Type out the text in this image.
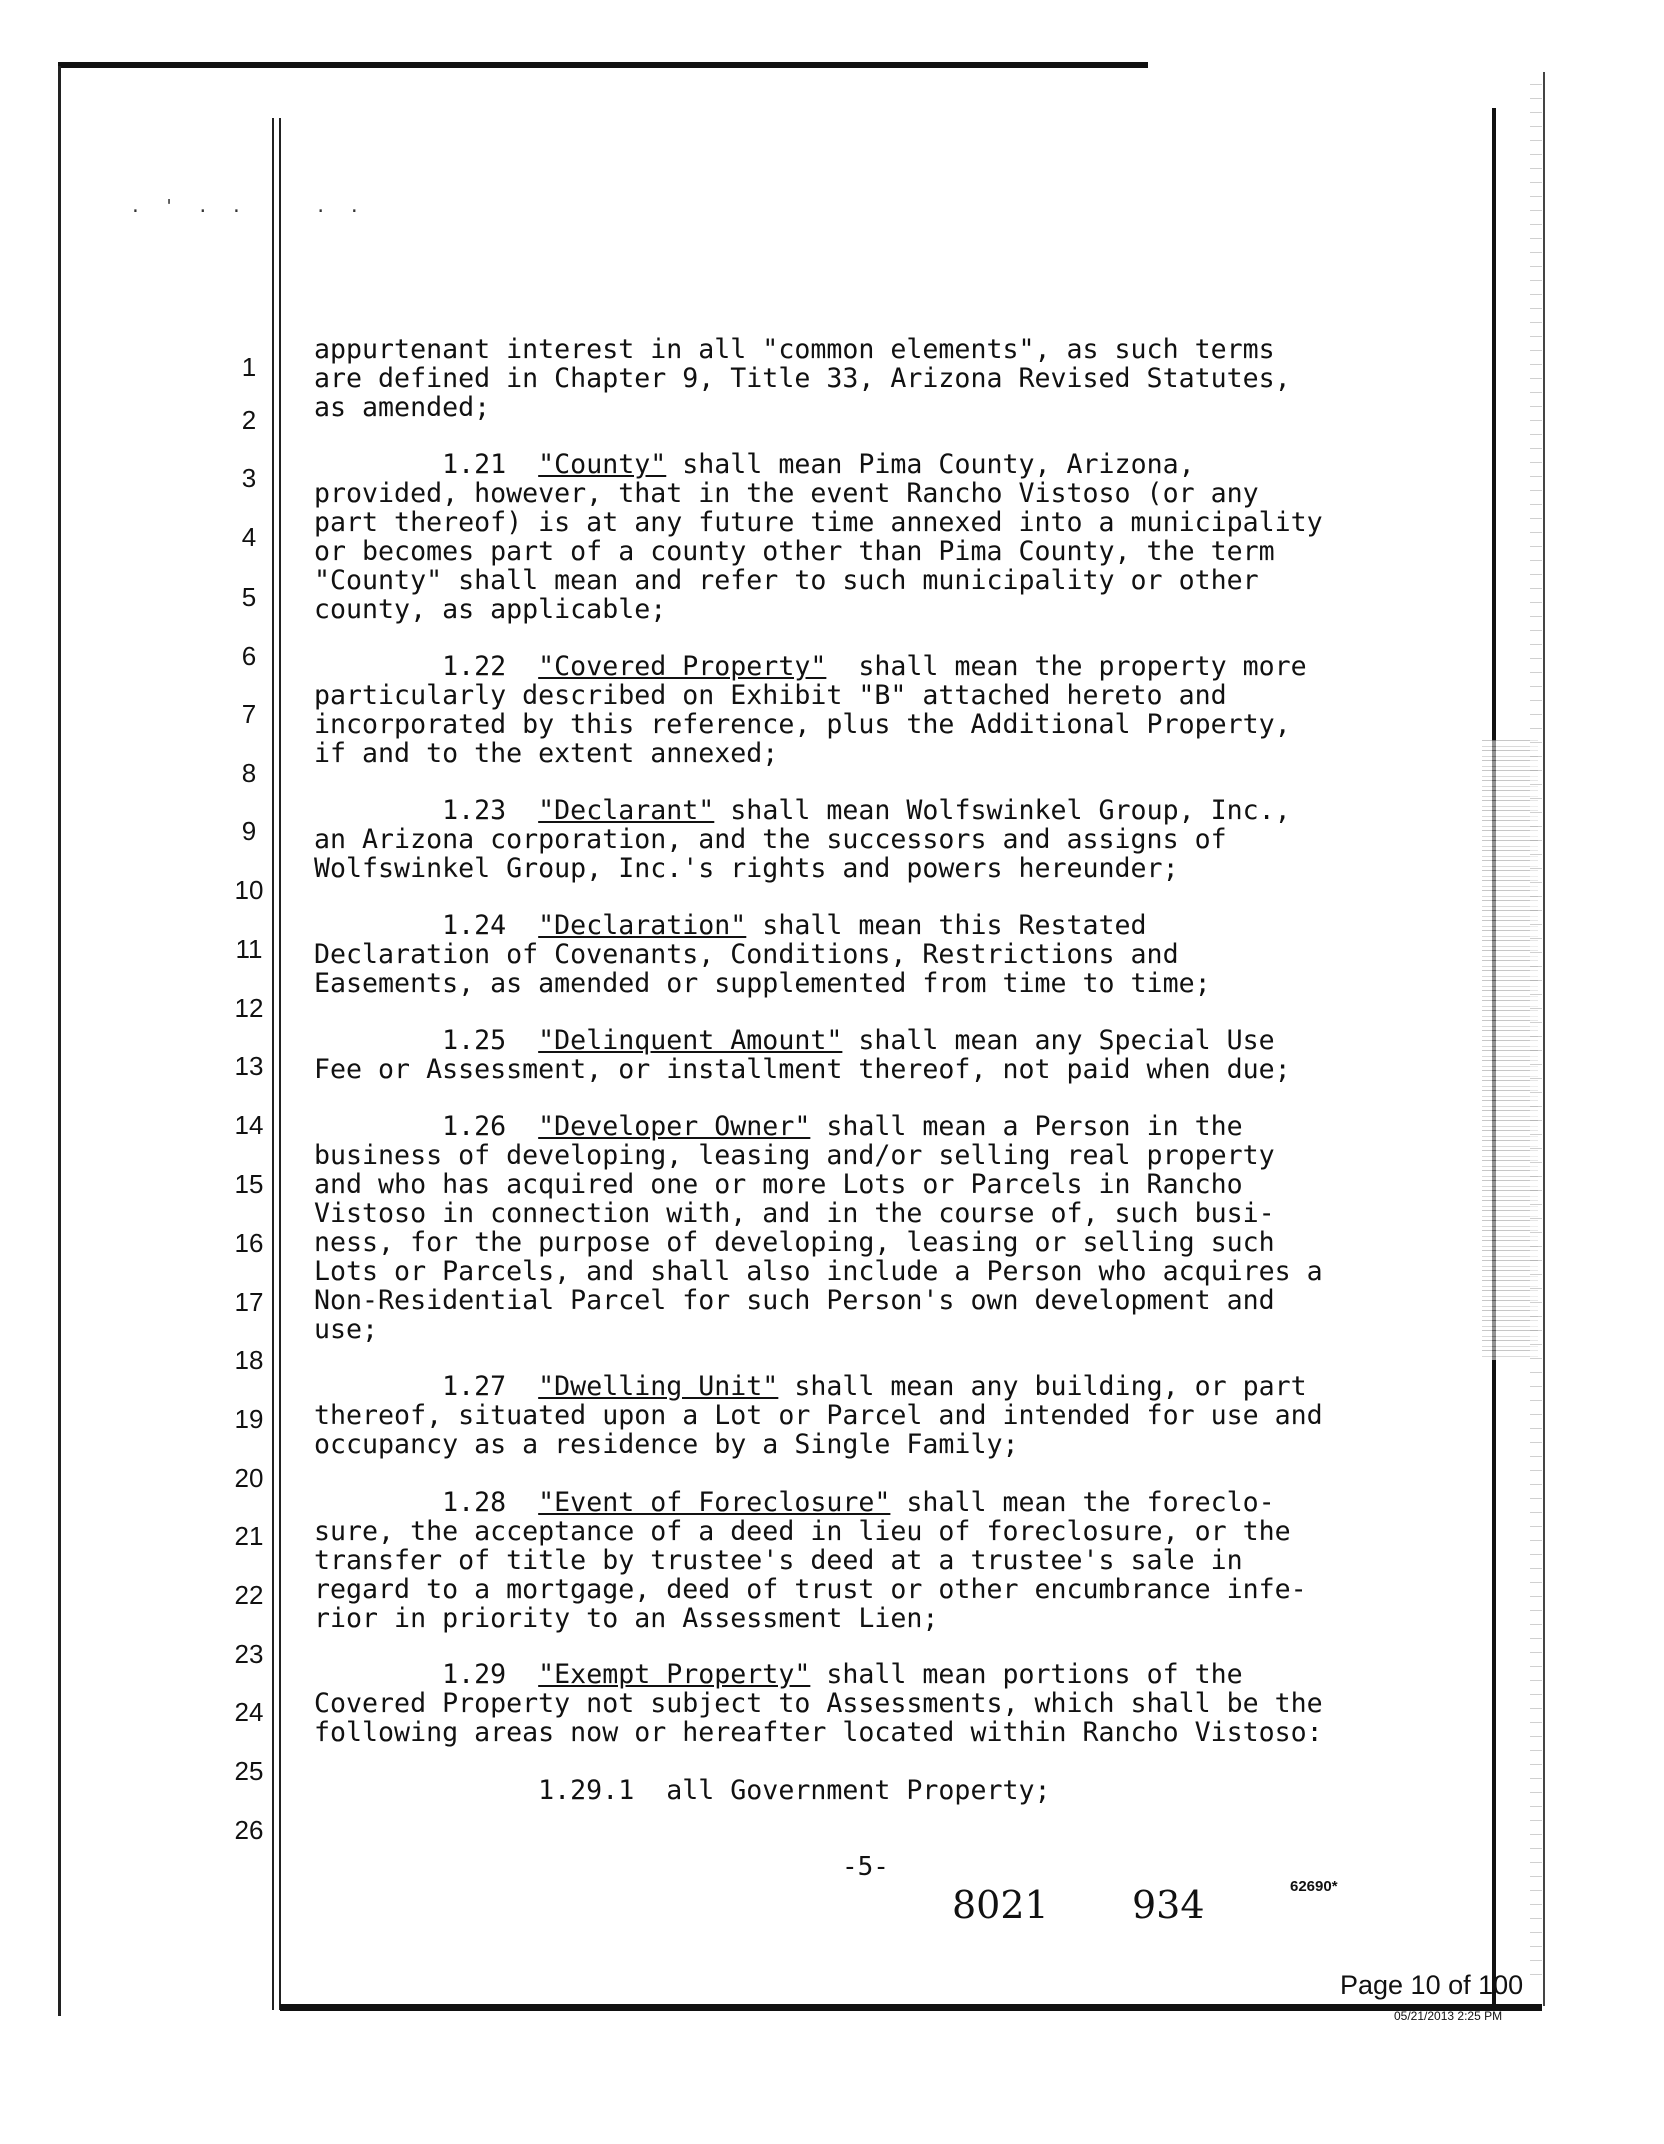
. ' . .    . .
1
2
3
4
5
6
7
8
9
10
11
12
13
14
15
16
17
18
19
20
21
22
23
24
25
26
appurtenant interest in all "common elements", as such terms
are defined in Chapter 9, Title 33, Arizona Revised Statutes,
as amended;
1.21  "County" shall mean Pima County, Arizona,
provided, however, that in the event Rancho Vistoso (or any
part thereof) is at any future time annexed into a municipality
or becomes part of a county other than Pima County, the term
"County" shall mean and refer to such municipality or other
county, as applicable;
1.22  "Covered Property"  shall mean the property more
particularly described on Exhibit "B" attached hereto and
incorporated by this reference, plus the Additional Property,
if and to the extent annexed;
1.23  "Declarant" shall mean Wolfswinkel Group, Inc.,
an Arizona corporation, and the successors and assigns of
Wolfswinkel Group, Inc.'s rights and powers hereunder;
1.24  "Declaration" shall mean this Restated
Declaration of Covenants, Conditions, Restrictions and
Easements, as amended or supplemented from time to time;
1.25  "Delinquent Amount" shall mean any Special Use
Fee or Assessment, or installment thereof, not paid when due;
1.26  "Developer Owner" shall mean a Person in the
business of developing, leasing and/or selling real property
and who has acquired one or more Lots or Parcels in Rancho
Vistoso in connection with, and in the course of, such busi-
ness, for the purpose of developing, leasing or selling such
Lots or Parcels, and shall also include a Person who acquires a
Non-Residential Parcel for such Person's own development and
use;
1.27  "Dwelling Unit" shall mean any building, or part
thereof, situated upon a Lot or Parcel and intended for use and
occupancy as a residence by a Single Family;
1.28  "Event of Foreclosure" shall mean the foreclo-
sure, the acceptance of a deed in lieu of foreclosure, or the
transfer of title by trustee's deed at a trustee's sale in
regard to a mortgage, deed of trust or other encumbrance infe-
rior in priority to an Assessment Lien;
1.29  "Exempt Property" shall mean portions of the
Covered Property not subject to Assessments, which shall be the
following areas now or hereafter located within Rancho Vistoso:
1.29.1  all Government Property;
-5-
8021 934	62690*
Page 10 of 100
05/21/2013 2:25 PM
